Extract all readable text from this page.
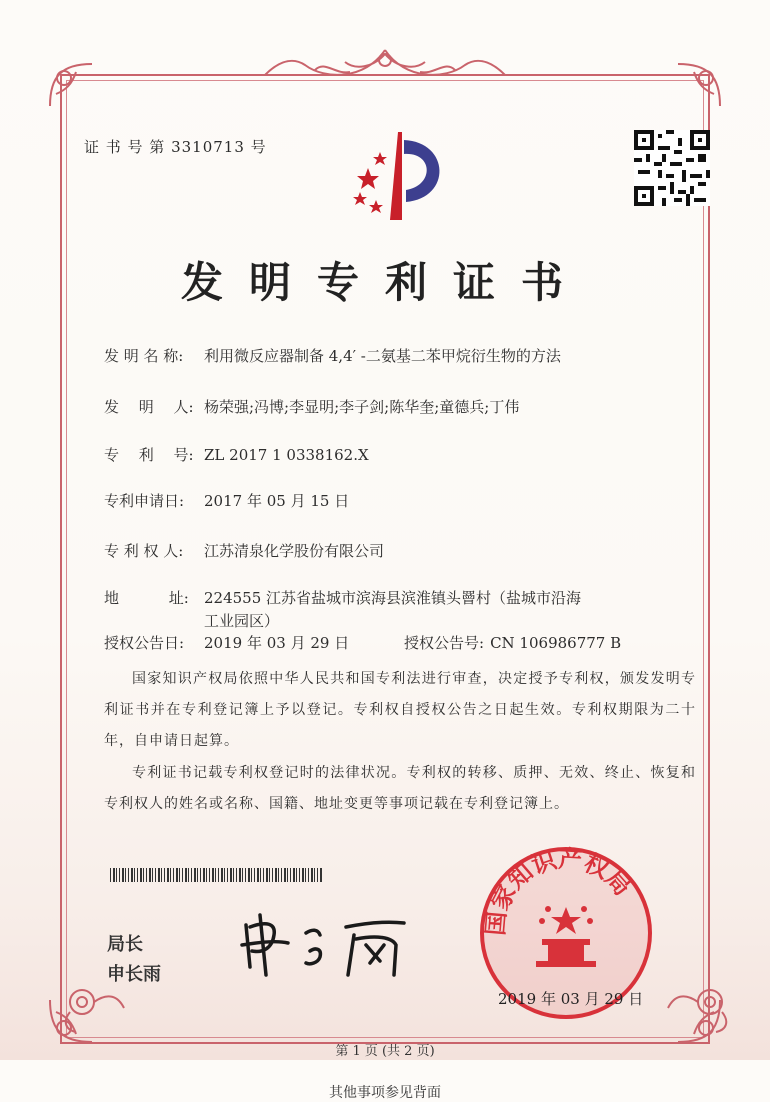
证 书 号 第 3310713 号
发明专利证书
发 明 名 称: 利用微反应器制备 4,4′ -二氨基二苯甲烷衍生物的方法
发　 明　 人: 杨荣强;冯博;李显明;李子剑;陈华奎;童德兵;丁伟
专　 利　 号: ZL 2017 1 0338162.X
专利申请日: 2017 年 05 月 15 日
专 利 权 人: 江苏清泉化学股份有限公司
地　　　 址: 224555 江苏省盐城市滨海县滨淮镇头罾村（盐城市沿海
工业园区）
授权公告日: 2019 年 03 月 29 日	授权公告号: CN 106986777 B
国家知识产权局依照中华人民共和国专利法进行审查，决定授予专利权，颁发发明专利证书并在专利登记簿上予以登记。专利权自授权公告之日起生效。专利权期限为二十年，自申请日起算。
专利证书记载专利权登记时的法律状况。专利权的转移、质押、无效、终止、恢复和专利权人的姓名或名称、国籍、地址变更等事项记载在专利登记簿上。
局长
申长雨
国家知识产权局
2019 年 03 月 29 日
第 1 页 (共 2 页)
其他事项参见背面
